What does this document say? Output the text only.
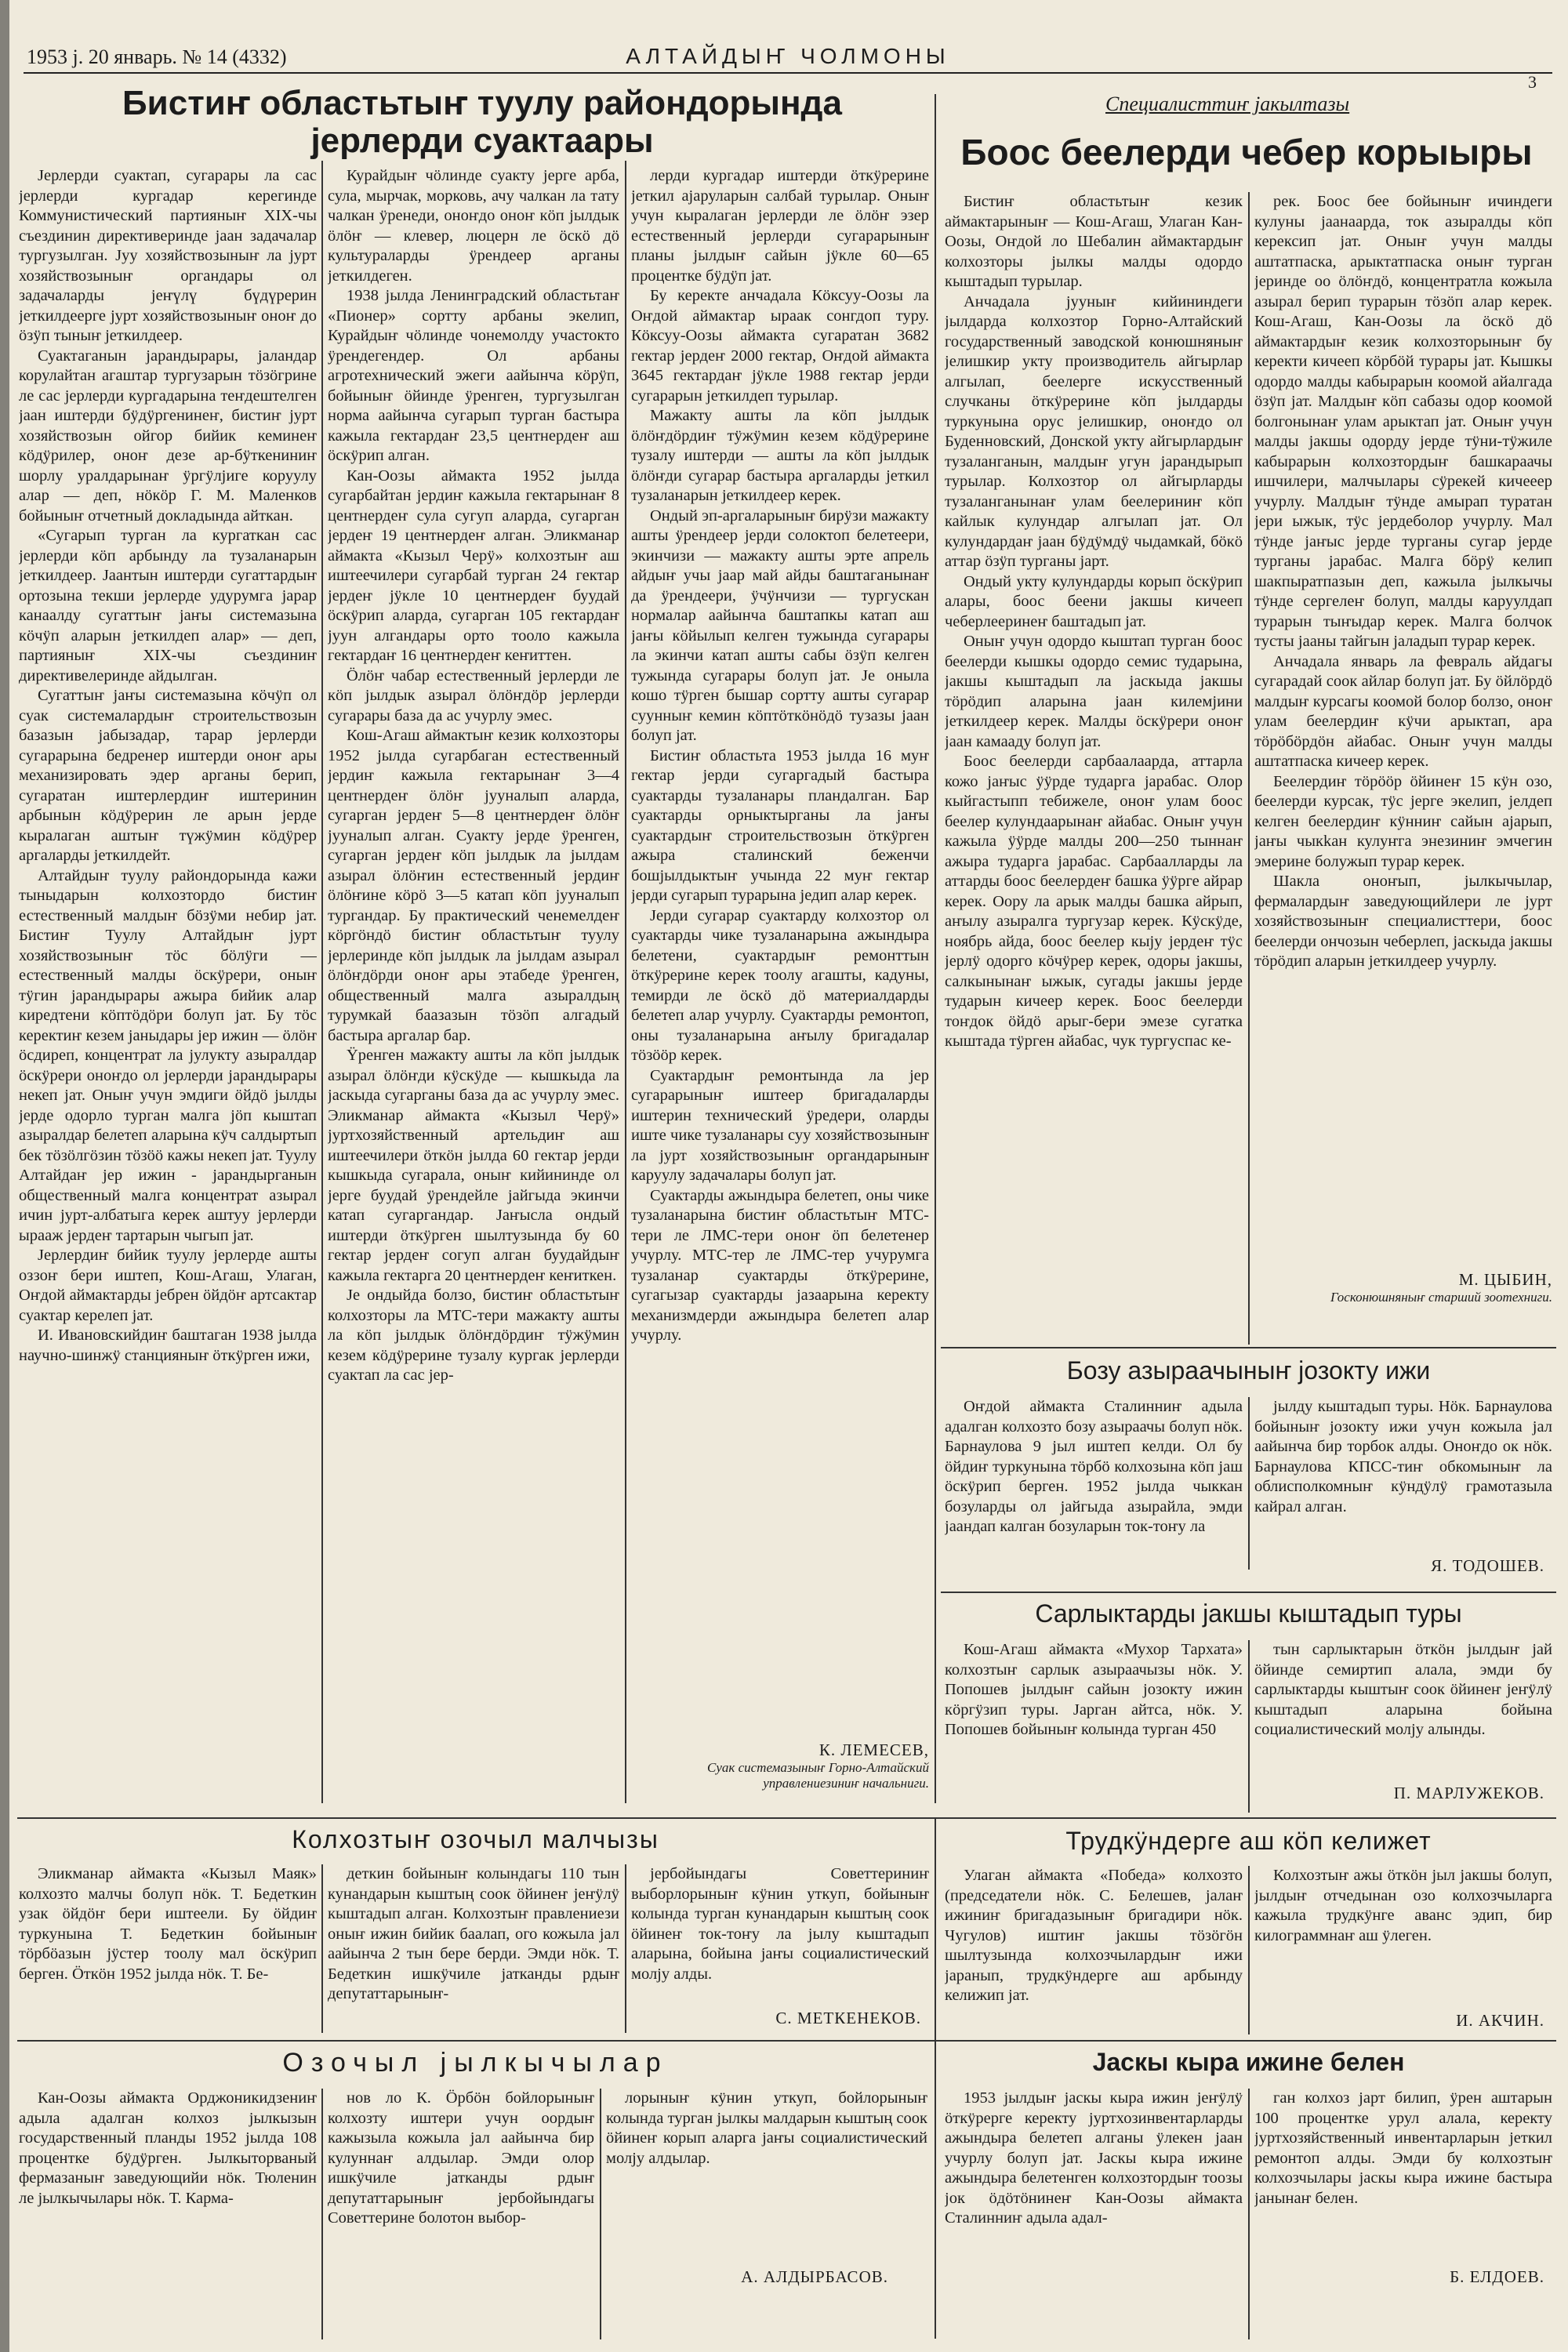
1953 j. 20 январь. № 14 (4332)	АЛТАЙДЫҤ ЧОЛМОНЫ
3
Бистиҥ областьтыҥ туулу райондорында
јерлерди суактаары

Јерлерди суактап, сугарары ла сас јерлерди кургадар керегинде Коммунистический партияныҥ XIX-чы съездинин директиверинде јаан задачалар тургузылган. Јуу хозяйствозыныҥ ла јурт хозяйствозыныҥ органдары ол задачаларды јеҥүлү бүдүрерин јеткилдеерге јурт хозяйствозыныҥ оноҥ до öзÿп тыныҥ јеткилдеер.

Суактаганын јарандырары, јаландар корулайтан агаштар тургузарын тöзöгрине ле сас јерлерди кургадарына теҥдештелген јаан иштерди бÿдÿргенинеҥ, бистиҥ јурт хозяйствозын ойгор бийик кеминеҥ кöдÿрилер, оноҥ дезе ар-бÿткениниҥ шорлу уралдарынаҥ ÿргÿлјиге коруулу алар — деп, нöкöр Г. М. Маленков бойыныҥ отчетный докладында айткан.

«Сугарып турган ла кургаткан сас јерлерди кöп арбынду ла тузаланарын јеткилдеер. Јаантын иштерди сугаттардыҥ ортозына текши јерлерде удурумга јарар канаалду сугаттыҥ јаҥы системазына кöчÿп аларын јеткилдеп алар» — деп, партияныҥ XIX-чы съездиниҥ директивелеринде айдылган.

Сугаттыҥ јаҥы системазына кöчÿп ол суак системалардыҥ строительствозын базазын јабызадар, тарар јерлерди сугарарына бедренер иштерди оноҥ ары механизировать эдер арганы берип, сугаратан иштерлердиҥ иштеринин арбынын кöдÿрерин ле арын јерде кыралаган аштыҥ түжÿмин кöдÿрер аргаларды јеткилдейт.

Алтайдыҥ туулу райондорында кажи тыныдарын колхозтордо бистиҥ естественный малдыҥ бöзÿми небир јат. Бистиҥ Туулу Алтайдыҥ јурт хозяйствозыныҥ тöс бöлÿги — естественный малды öскÿрери, оныҥ тÿгин јарандырары ажыра бийик алар киредтени кöптöдöри болуп јат. Бу тöс керектиҥ кезем јаныдары јер ижин — öлöҥ öсдиреп, концентрат ла јулукту азыралдар öскÿрери оноҥдо ол јерлерди јарандырары некеп јат. Оныҥ учун эмдиги öйдö јылды јерде одорло турган малга јöп кыштап азыралдар белетеп аларына кÿч салдыртып бек тöзöлгöзин тöзöö кажы некеп јат. Туулу Алтайдаҥ јер ижин - јарандырганын общественный малга концентрат азырал ичин јурт-албатыга керек аштуу јерлерди ырааж јердеҥ тартарын чыгып јат.

Јерлердиҥ бийик туулу јерлерде ашты оззоҥ бери иштеп, Кош-Агаш, Улаган, Оҥдой аймактарды јебрен öйдöҥ артсактар суактар керелеп јат.

И. Ивановскийдиҥ баштаган 1938 јылда научно-шинжÿ станцияныҥ öткÿрген ижи,

Курайдыҥ чöлинде суакту јерге арба, сула, мырчак, морковь, ачу чалкан ла тату чалкан ÿренеди, оноҥдо оноҥ кöп јылдык öлöҥ — клевер, люцерн ле öскö дö культураларды ÿрендеер арганы јеткилдеген.

1938 јылда Ленинградский областьтаҥ «Пионер» сортту арбаны экелип, Курайдыҥ чöлинде чонемолду участокто ÿрендегендер. Ол арбаны агротехнический эжеги аайынча кöрÿп, бойыныҥ öйинде ÿренген, тургузылган норма аайынча сугарып турган бастыра кажыла гектардаҥ 23,5 центнердеҥ аш öскÿрип алган.

Кан-Оозы аймакта 1952 јылда сугарбайтан јердиҥ кажыла гектарынаҥ 8 центнердеҥ сула сугуп аларда, сугарган јердеҥ 19 центнердеҥ алган. Эликманар аймакта «Кызыл Черÿ» колхозтыҥ аш иштеечилери сугарбай турган 24 гектар јердеҥ јÿкле 10 центнердеҥ буудай öскÿрип аларда, сугарган 105 гектардаҥ јуун алгандары орто тооло кажыла гектардаҥ 16 центнердеҥ кеҥиттен.

Öлöҥ чабар естественный јерлерди ле кöп јылдык азырал öлöҥдöр јерлерди сугарары база да ас учурлу эмес.

Кош-Агаш аймактыҥ кезик колхозторы 1952 јылда сугарбаган естественный јердиҥ кажыла гектарынаҥ 3—4 центнердеҥ öлöҥ јууналып аларда, сугарган јердеҥ 5—8 центнердеҥ öлöҥ јууналып алган. Суакту јерде ÿренген, сугарган јердеҥ кöп јылдык ла јылдам азырал öлöҥин естественный јердиҥ öлöҥине кöрö 3—5 катап кöп јууналып тургандар. Бу практический ченемелдеҥ кöргöндö бистиҥ областьтыҥ туулу јерлеринде кöп јылдык ла јылдам азырал öлöҥдöрди оноҥ ары этабеде ÿренген, общественный малга азыралдың турумкай баазазын тöзöп алгадый бастыра аргалар бар.

Ÿренген мажакту ашты ла кöп јылдык азырал öлöҥди кÿскÿде — кышкыда ла јаскыда сугарганы база да ас учурлу эмес. Эликманар аймакта «Кызыл Черÿ» јуртхозяйственный артельдиҥ аш иштеечилери öткöн јылда 60 гектар јерди кышкыда сугарала, оныҥ кийининде ол јерге буудай ÿрендейле јайгыда экинчи катап сугаргандар. Јаҥысла ондый иштерди öткÿрген шылтузында бу 60 гектар јердеҥ согуп алган буудайдыҥ кажыла гектарга 20 центнердеҥ кеҥиткен.

Је ондыйда болзо, бистиҥ областьтыҥ колхозторы ла МТС-тери мажакту ашты ла кöп јылдык öлöҥдöрдиҥ тÿжÿмин кезем кöдÿрерине тузалу кургак јерлерди суактап ла сас јер-

лерди кургадар иштерди öткÿрерине јеткил ајаруларын салбай турылар. Оныҥ учун кыралаган јерлерди ле öлöҥ эзер естественный јерлерди сугарарыныҥ планы јылдыҥ сайын јÿкле 60—65 процентке бÿдÿп јат.

Бу керекте анчадала Кöксуу-Оозы ла Оҥдой аймактар ыраак сонгдоп туру. Кöксуу-Оозы аймакта сугаратан 3682 гектар јердеҥ 2000 гектар, Оҥдой аймакта 3645 гектардаҥ јÿкле 1988 гектар јерди сугарарын јеткилдеп турылар.

Мажакту ашты ла кöп јылдык öлöҥдöрдиҥ тÿжÿмин кезем кöдÿрерине тузалу иштерди — ашты ла кöп јылдык öлöҥди сугарар бастыра аргаларды јеткил тузаланарын јеткилдеер керек.

Ондый эп-аргаларыныҥ бирÿзи мажакту ашты ÿрендеер јерди солоктоп белетеери, экинчизи — мажакту ашты эрте апрель айдыҥ учы јаар май айды баштаганынаҥ да ÿрендеери, ÿчÿнчизи — тургускан нормалар аайынча баштапкы катап аш јаҥы кöйылып келген тужында сугарары ла экинчи катап ашты сабы öзÿп келген тужында сугарары болуп јат. Је оныла кошо тÿрген бышар сортту ашты сугарар суунныҥ кемин кöптöткöнöдö тузазы јаан болуп јат.

Бистиҥ областьта 1953 јылда 16 муҥ гектар јерди сугаргадый бастыра суактарды тузаланары пландалган. Бар суактарды орныктырганы ла јаҥы суактардыҥ строительствозын öткÿрген ажыра сталинский беженчи бошјылдыктыҥ учында 22 муҥ гектар јерди сугарып турарына једип алар керек.

Јерди сугарар суактарду колхозтор ол суактарды чике тузаланарына ажындыра белетени, суактардыҥ ремонттын öткÿрерине керек тоолу агашты, кадуны, темирди ле öскö дö материалдарды белетеп алар учурлу. Суактарды ремонтоп, оны тузаланарына аҥылу бригадалар тöзööр керек.

Суактардыҥ ремонтында ла јер сугарарыныҥ иштеер бригадаларды иштерин технический ÿредери, оларды иште чике тузаланары суу хозяйствозыныҥ ла јурт хозяйствозыныҥ органдарыныҥ каруулу задачалары болуп јат.

Суактарды ажындыра белетеп, оны чике тузаланарына бистиҥ областьтыҥ МТС-тери ле ЛМС-тери оноҥ öп белетенер учурлу. МТС-тер ле ЛМС-тер учурумга тузаланар суактарды öткÿрерине, сугагызар суактарды јазаарына керекту механизмдерди ажындыра белетеп алар учурлу.

К. ЛЕМЕСЕВ,
Суак системазыныҥ Горно-Алтайский управлениезиниҥ начальниги.
Специалисттиҥ јакылтазы
Боос беелерди чебер корыыры

Бистиҥ областьтыҥ кезик аймактарыныҥ — Кош-Агаш, Улаган Кан-Оозы, Оҥдой ло Шебалин аймактардыҥ колхозторы јылкы малды одордо кыштадып турылар.

Анчадала јууныҥ кийининдеги јылдарда колхозтор Горно-Алтайский государственный заводской конюшняныҥ јелишкир укту производитель айгырлар алгылап, беелерге искусственный случканы öткÿрерине кöп јылдарды туркунына орус јелишкир, оноҥдо ол Буденновский, Донской укту айгырлардыҥ тузаланганын, малдыҥ угун јарандырып турылар. Колхозтор ол айгырларды тузаланганынаҥ улам беелериниҥ кöп кайлык кулундар алгылап јат. Ол кулундардаҥ јаан бÿдÿмдÿ чыдамкай, бöкö аттар öзÿп турганы јарт.

Ондый укту кулундарды корып öскÿрип алары, боос беени јакшы кичееп чеберлееринеҥ баштадып јат.

Оныҥ учун одордо кыштап турган боос беелерди кышкы одордо семис тударына, јакшы кыштадып ла јаскыда јакшы тöрöдип аларына јаан килемјини јеткилдеер керек. Малды öскÿрери оноҥ јаан камааду болуп јат.

Боос беелерди сарбаалаарда, аттарла кожо јаҥыс ÿÿрде тударга јарабас. Олор кыйгастыпп тебижеле, оноҥ улам боос беелер кулундаарынаҥ айабас. Оныҥ учун кажыла ÿÿрде малды 200—250 тыннаҥ ажыра тударга јарабас. Сарбаалларды ла аттарды боос беелердеҥ башка ÿÿрге айрар керек. Оору ла арык малды башка айрып, аҥылу азыралга тургузар керек. Кÿскÿде, ноябрь айда, боос беелер кыју јердеҥ тÿс јерлÿ одорго кöчÿрер керек, одоры јакшы, салкынынаҥ ыжык, сугады јакшы јерде тударын кичеер керек. Боос беелерди тоҥдок öйдö арыг-бери эмезе сугатка кыштада тÿрген айабас, чук тургуспас ке-

рек. Боос бее бойыныҥ ичиндеги кулуны јаанаарда, ток азыралды кöп керексип јат. Оныҥ учун малды аштатпаска, арыктатпаска оныҥ турган јеринде оо öлöҥдö, концентратла кожыла азырал берип турарын тöзöп алар керек. Кош-Агаш, Кан-Оозы ла öскö дö аймактардыҥ кезик колхозторыныҥ бу керекти кичееп кöрбöй турары јат. Кышкы одордо малды кабырарын коомой айалгада öзÿп јат. Малдыҥ кöп сабазы одор коомой болгонынаҥ улам арыктап јат. Оныҥ учун малды јакшы одорду јерде тÿни-тÿжиле кабырарын колхозтордыҥ башкараачы ишчилери, малчылары сÿрекей кичееер учурлу. Малдыҥ тÿнде амырап туратан јери ыжык, тÿс јердеболор учурлу. Мал тÿнде јаҥыс јерде турганы сугар јерде турганы јарабас. Малга бöрÿ келип шакпыратпазын деп, кажыла јылкычы тÿнде сергелеҥ болуп, малды каруулдап турарын тыҥыдар керек. Малга болчок тусты јааны тайгын јаладып турар керек.

Анчадала январь ла февраль айдагы сугарадай соок айлар болуп јат. Бу öйлöрдö малдыҥ курсагы коомой болор болзо, оноҥ улам беелердиҥ кÿчи арыктап, ара тöрöбöрдöн айабас. Оныҥ учун малды аштатпаска кичеер керек.

Беелердиҥ тöрööр öйинеҥ 15 кÿн озо, беелерди курсак, тÿс јерге экелип, јелдеп келген беелердиҥ кÿнниҥ сайын аjарып, јаҥы чыкkан кулуҥга энезиниҥ эмчегин эмерине болужып турар керек.

Шакла оноҥып, јылкычылар, фермалардыҥ заведующийлери ле јурт хозяйствозыныҥ специалисттери, боос беелерди ончозын чеберлеп, јаскыда јакшы тöрöдип аларын јеткилдеер учурлу.

М. ЦЫБИН,
Госконюшняныҥ старший зоотехниги.
Бозу азыраачыныҥ јозокту ижи

Оҥдой аймакта Сталинниҥ адыла адалган колхозто бозу азыраачы болуп нöк. Барнаулова 9 јыл иштеп келди. Ол бу öйдиҥ туркунына тöрбö колхозына кöп јаш öскÿрип берген. 1952 јылда чыккан бозуларды ол јайгыда азырайла, эмди јаандап калган бозуларын ток-тоҥу ла

јылду кыштадып туры. Нöк. Барнаулова бойыныҥ јозокту ижи учун кожыла јал аайынча бир торбок алды. Оноҥдо ок нöк. Барнаулова КПСС-тиҥ обкомыныҥ ла облисполкомныҥ кÿндÿлÿ грамотазыла кайрал алган.

Я. ТОДОШЕВ.
Сарлыктарды јакшы кыштадып туры

Кош-Агаш аймакта «Мухор Тархата» колхозтыҥ сарлык азыраачызы нöк. У. Попошев јылдыҥ сайын јозокту ижин кöргÿзип туры. Јарган айтса, нöк. У. Попошев бойыныҥ колында турган 450

тын сарлыктарын öткöн јылдыҥ јай öйинде семиртип алала, эмди бу сарлыктарды кыштыҥ соок öйинеҥ јеҥÿлÿ кыштадып аларына бойына социалистический молју алынды.

П. МАРЛУЖЕКОВ.
Колхозтыҥ озочыл малчызы

Эликманар аймакта «Кызыл Маяк» колхозто малчы болуп нöк. Т. Бедеткин узак öйдöҥ бери иштеели. Бу öйдиҥ туркунына Т. Бедеткин бойыныҥ тöрбöазын јÿстер тоолу мал öскÿрип берген. Öткöн 1952 јылда нöк. Т. Бе-

деткин бойыныҥ колындагы 110 тын кунандарын кыштың соок öйинеҥ јеҥÿлÿ кыштадып алган. Колхозтыҥ правлениези оныҥ ижин бийик баалап, ого кожыла јал аайынча 2 тын бере берди. Эмди нöк. Т. Бедеткин ишкÿчиле јатканды рдыҥ депутаттарыныҥ-

јербойындагы Советтериниҥ выборлорыныҥ кÿнин уткуп, бойыныҥ колында турган кунандарын кыштың соок öйинеҥ ток-тоҥу ла јылу кыштадып аларына, бойына јаҥы социалистический молју алды.

С. МЕТКЕНЕКОВ.
Трудкÿндерге аш кöп келижет

Улаган аймакта «Победа» колхозто (председатели нöк. С. Белешев, јалаҥ ижиниҥ бригадазыныҥ бригадири нöк. Чугулов) иштиҥ јакшы тöзöгöн шылтузында колхозчылардыҥ ижи јаранып, трудкÿндерге аш арбынду келижип јат.

Колхозтыҥ ажы öткöн јыл јакшы болуп, јылдыҥ отчедынан озо колхозчыларга кажыла трудкÿнге аванс эдип, бир килограммнаҥ аш ÿлеген.

И. АКЧИН.
Озочыл јылкычылар

Кан-Оозы аймакта Орджоникидзениҥ адыла адалган колхоз јылкызын государственный планды 1952 јылда 108 процентке бÿдÿрген. Јылкыторваный фермазаныҥ заведующийи нöк. Тюленин ле јылкычылары нöк. Т. Карма-

нов ло К. Öрбöн бойлорыныҥ колхозту иштери учун оордыҥ кажызыла кожыла јал аайынча бир кулуннаҥ алдылар. Эмди олор ишкÿчиле јатканды рдыҥ депутаттарыныҥ јербойындагы Советтерине болотон выбор-

лорыныҥ кÿнин уткуп, бойлорыныҥ колында турган јылкы малдарын кыштың соок öйинеҥ корып аларга јаҥы социалистический молју алдылар.

А. АЛДЫРБАСОВ.
Јаскы кыра ижине белен

1953 јылдыҥ јаскы кыра ижин јеҥÿлÿ öткÿрерге керекту јуртхозинвентарларды ажындыра белетеп алганы ÿлекен јаан учурлу болуп јат. Јаскы кыра ижине ажындыра белетенген колхозтордыҥ тоозы јок öдöтöнинеҥ Кан-Оозы аймакта Сталинниҥ адыла адал-

ган колхоз јарт билип, ÿрен аштарын 100 процентке урул алала, керекту јуртхозяйственный инвентарларын јеткил ремонтоп алды. Эмди бу колхозтыҥ колхозчылары јаскы кыра ижине бастыра јанынаҥ белен.

Б. ЕЛДОЕВ.
